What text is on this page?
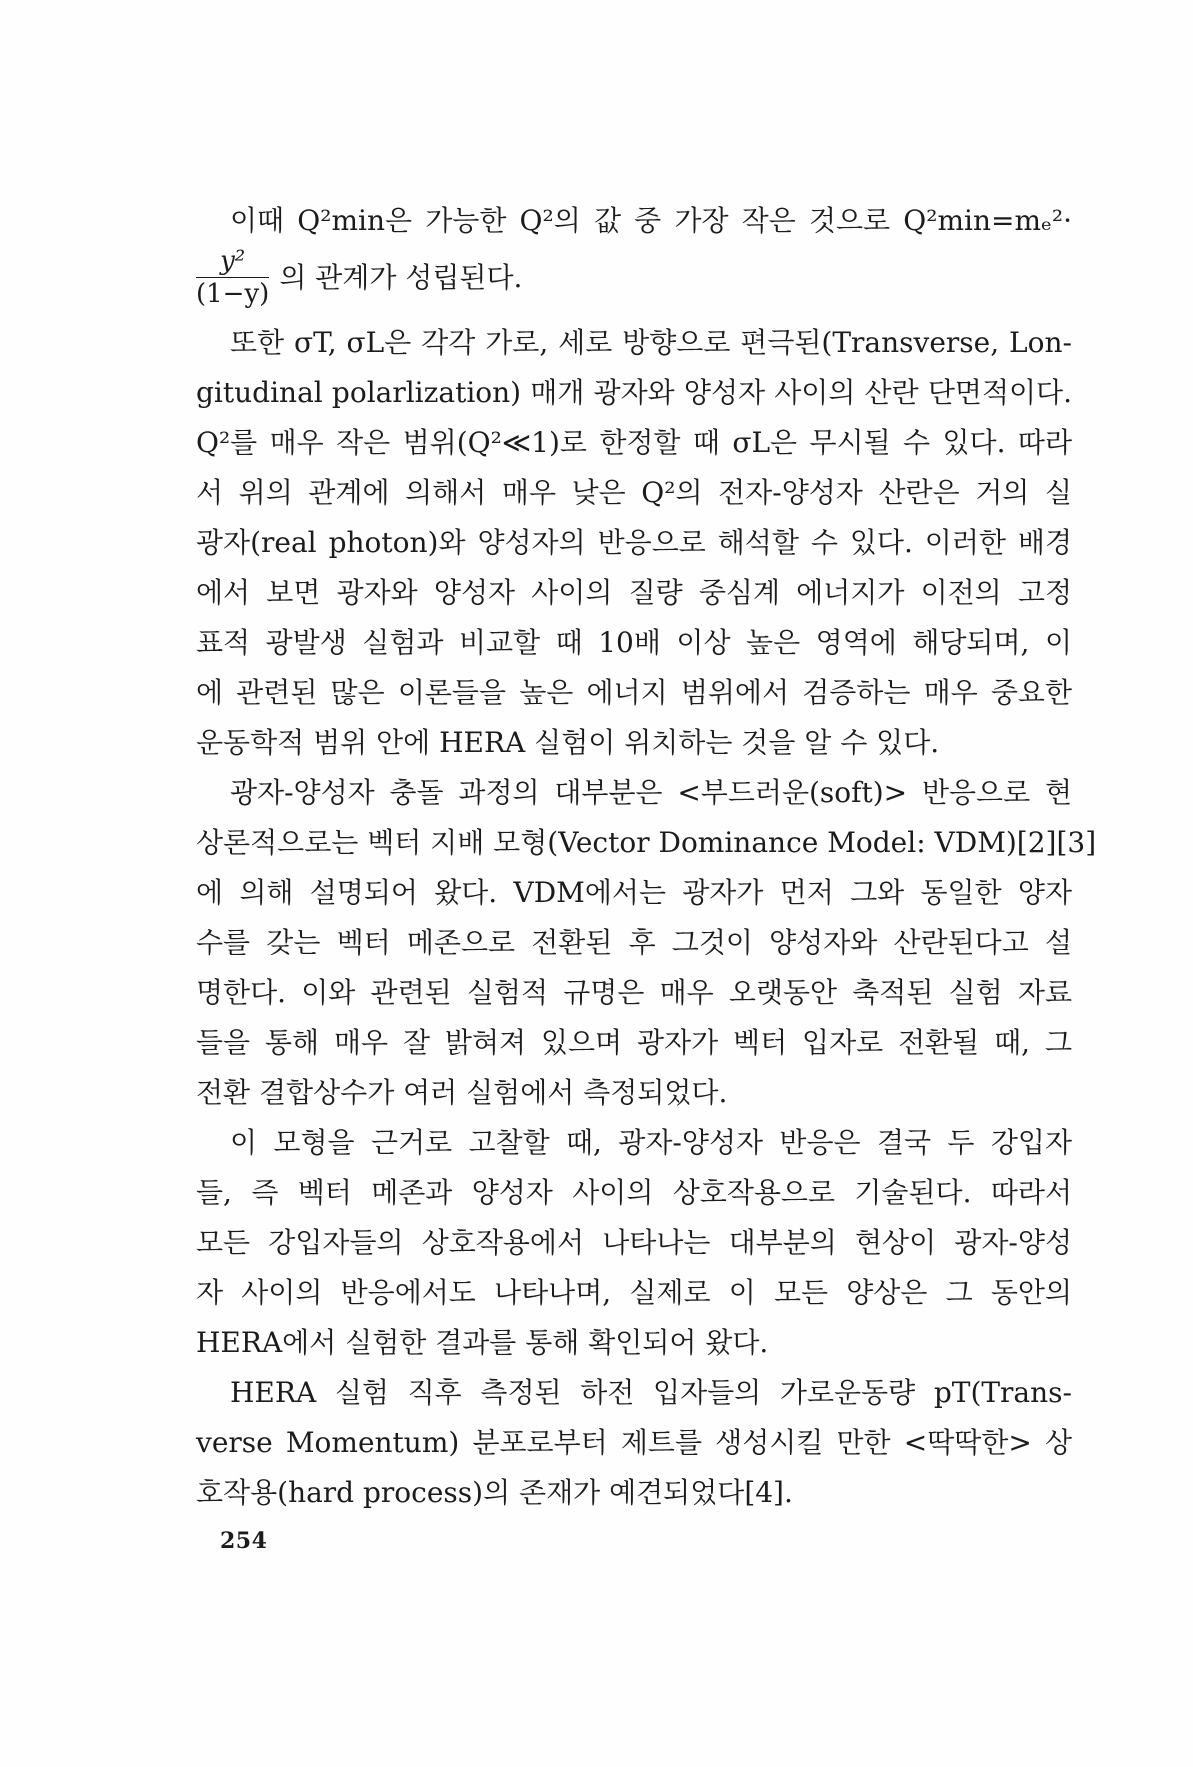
이때 Q²min은 가능한 Q²의 값 중 가장 작은 것으로 Q²min=mₑ²·
$\frac{\text{y²}}{(1-y)}$ 의 관계가 성립된다.
또한 σT, σL은 각각 가로, 세로 방향으로 편극된(Transverse, Lon-
gitudinal polarlization) 매개 광자와 양성자 사이의 산란 단면적이다.
Q²를 매우 작은 범위(Q²≪1)로 한정할 때 σL은 무시될 수 있다. 따라
서 위의 관계에 의해서 매우 낮은 Q²의 전자-양성자 산란은 거의 실
광자(real photon)와 양성자의 반응으로 해석할 수 있다. 이러한 배경
에서 보면 광자와 양성자 사이의 질량 중심계 에너지가 이전의 고정
표적 광발생 실험과 비교할 때 10배 이상 높은 영역에 해당되며, 이
에 관련된 많은 이론들을 높은 에너지 범위에서 검증하는 매우 중요한
운동학적 범위 안에 HERA 실험이 위치하는 것을 알 수 있다.
광자-양성자 충돌 과정의 대부분은 <부드러운(soft)> 반응으로 현
상론적으로는 벡터 지배 모형(Vector Dominance Model: VDM)[2][3]
에 의해 설명되어 왔다. VDM에서는 광자가 먼저 그와 동일한 양자
수를 갖는 벡터 메존으로 전환된 후 그것이 양성자와 산란된다고 설
명한다. 이와 관련된 실험적 규명은 매우 오랫동안 축적된 실험 자료
들을 통해 매우 잘 밝혀져 있으며 광자가 벡터 입자로 전환될 때, 그
전환 결합상수가 여러 실험에서 측정되었다.
이 모형을 근거로 고찰할 때, 광자-양성자 반응은 결국 두 강입자
들, 즉 벡터 메존과 양성자 사이의 상호작용으로 기술된다. 따라서
모든 강입자들의 상호작용에서 나타나는 대부분의 현상이 광자-양성
자 사이의 반응에서도 나타나며, 실제로 이 모든 양상은 그 동안의
HERA에서 실험한 결과를 통해 확인되어 왔다.
HERA 실험 직후 측정된 하전 입자들의 가로운동량 pT(Trans-
verse Momentum) 분포로부터 제트를 생성시킬 만한 <딱딱한> 상
호작용(hard process)의 존재가 예견되었다[4].
254
